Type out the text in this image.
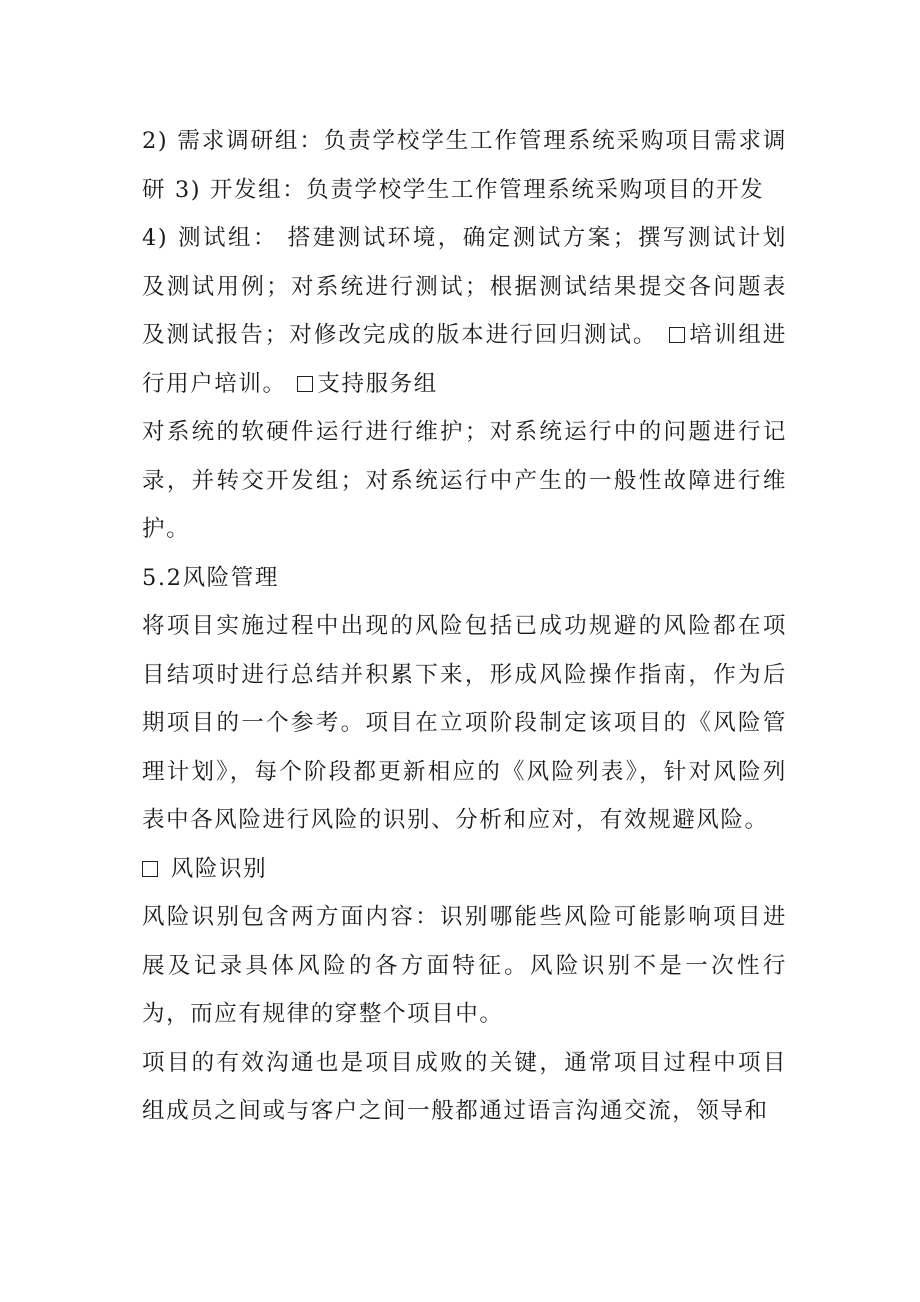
2) 需求调研组：负责学校学生工作管理系统采购项目需求调研 3) 开发组：负责学校学生工作管理系统采购项目的开发

4) 测试组： 搭建测试环境，确定测试方案；撰写测试计划及测试用例；对系统进行测试；根据测试结果提交各问题表及测试报告；对修改完成的版本进行回归测试。 培训组进行用户培训。 支持服务组

对系统的软硬件运行进行维护；对系统运行中的问题进行记录，并转交开发组；对系统运行中产生的一般性故障进行维护。

5.2风险管理

将项目实施过程中出现的风险包括已成功规避的风险都在项目结项时进行总结并积累下来，形成风险操作指南，作为后期项目的一个参考。项目在立项阶段制定该项目的《风险管理计划》，每个阶段都更新相应的《风险列表》，针对风险列表中各风险进行风险的识别、分析和应对，有效规避风险。

风险识别

风险识别包含两方面内容：识别哪能些风险可能影响项目进展及记录具体风险的各方面特征。风险识别不是一次性行为，而应有规律的穿整个项目中。

项目的有效沟通也是项目成败的关键，通常项目过程中项目组成员之间或与客户之间一般都通过语言沟通交流，领导和
